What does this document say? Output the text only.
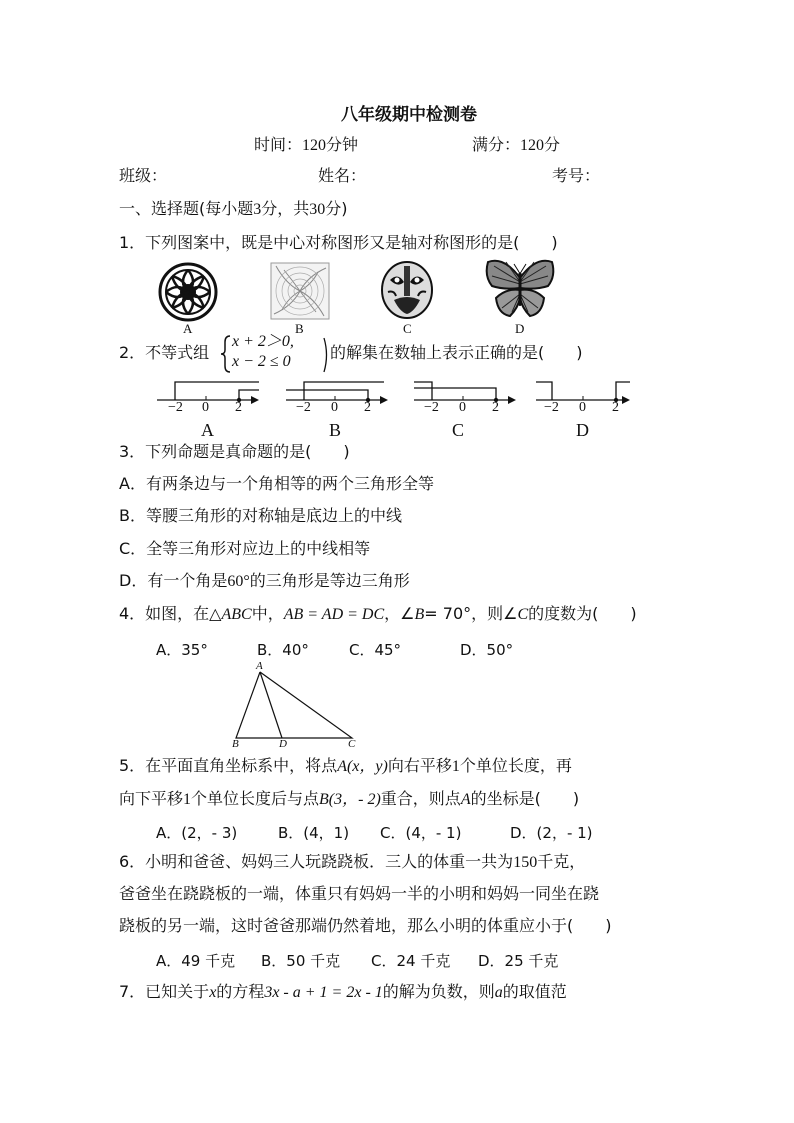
八年级期中检测卷
时间：120分钟	满分：120分
班级：	姓名：	考号：
一、选择题(每小题3分，共30分)
1．下列图案中，既是中心对称图形又是轴对称图形的是(　　)
A	B	C	D
2．不等式组
x + 2＞0,
x − 2 ≤ 0 的解集在数轴上表示正确的是(　　)
−2 0 2	−2 0 2	−2 0 2	−2 0 2
A	B	C	D
3．下列命题是真命题的是(　　)
A．有两条边与一个角相等的两个三角形全等
B．等腰三角形的对称轴是底边上的中线
C．全等三角形对应边上的中线相等
D．有一个角是60°的三角形是等边三角形
4．如图，在△ABC中，AB = AD = DC，∠B= 70°，则∠C的度数为(　　)
A．35°	B．40°	C．45°	D．50°
A
B	D	C
5．在平面直角坐标系中，将点A(x，y)向右平移1个单位长度，再
向下平移1个单位长度后与点B(3，- 2)重合，则点A的坐标是(　　)
A．(2，- 3)	B．(4，1) C．(4，- 1)	D．(2，- 1)
6．小明和爸爸、妈妈三人玩跷跷板．三人的体重一共为150千克，
爸爸坐在跷跷板的一端，体重只有妈妈一半的小明和妈妈一同坐在跷
跷板的另一端，这时爸爸那端仍然着地，那么小明的体重应小于(　　)
A．49 千克 B．50 千克 C．24 千克 D．25 千克
7．已知关于x的方程3x - a + 1 = 2x - 1的解为负数，则a的取值范
